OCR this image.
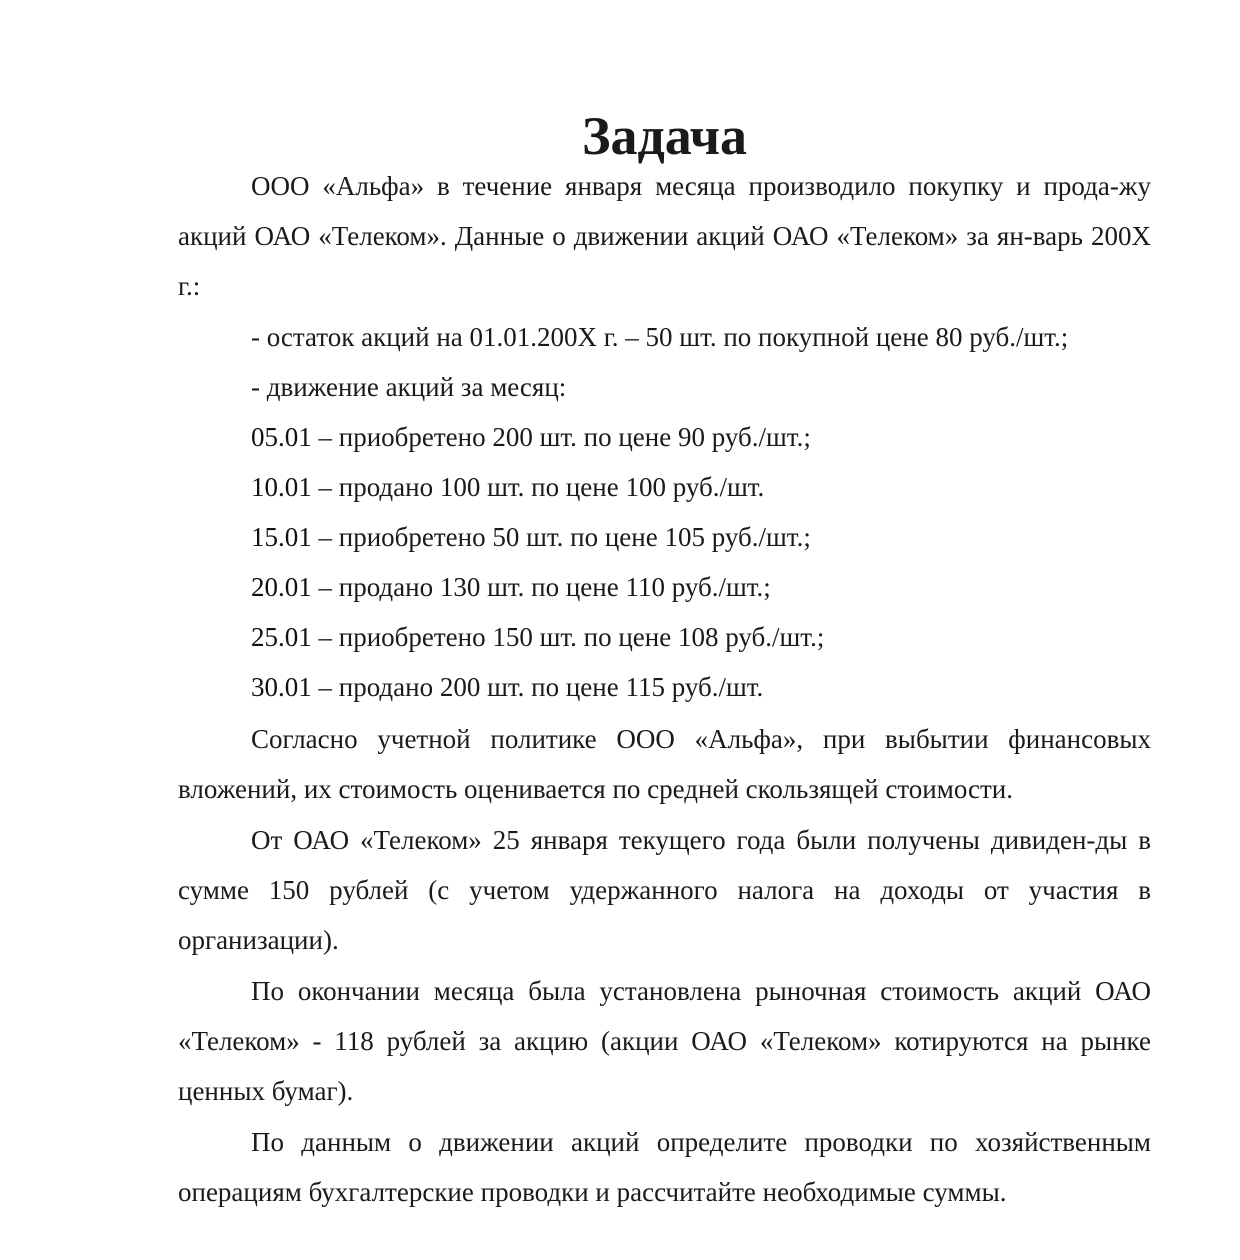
Задача

ООО «Альфа» в течение января месяца производило покупку и прода-жу акций ОАО «Телеком». Данные о движении акций ОАО «Телеком» за ян-варь 200Х г.:

- остаток акций на 01.01.200Х г. – 50 шт. по покупной цене 80 руб./шт.;

- движение акций за месяц:

05.01 – приобретено 200 шт. по цене 90 руб./шт.;

10.01 – продано 100 шт. по цене 100 руб./шт.

15.01 – приобретено 50 шт. по цене 105 руб./шт.;

20.01 – продано 130 шт. по цене 110 руб./шт.;

25.01 – приобретено 150 шт. по цене 108 руб./шт.;

30.01 – продано 200 шт. по цене 115 руб./шт.

Согласно учетной политике ООО «Альфа», при выбытии финансовых вложений, их стоимость оценивается по средней скользящей стоимости.

От ОАО «Телеком» 25 января текущего года были получены дивиден-ды в сумме 150 рублей (с учетом удержанного налога на доходы от участия в организации).

По окончании месяца была установлена рыночная стоимость акций ОАО «Телеком» - 118 рублей за акцию (акции ОАО «Телеком» котируются на рынке ценных бумаг).

По данным о движении акций определите проводки по хозяйственным операциям бухгалтерские проводки и рассчитайте необходимые суммы.
